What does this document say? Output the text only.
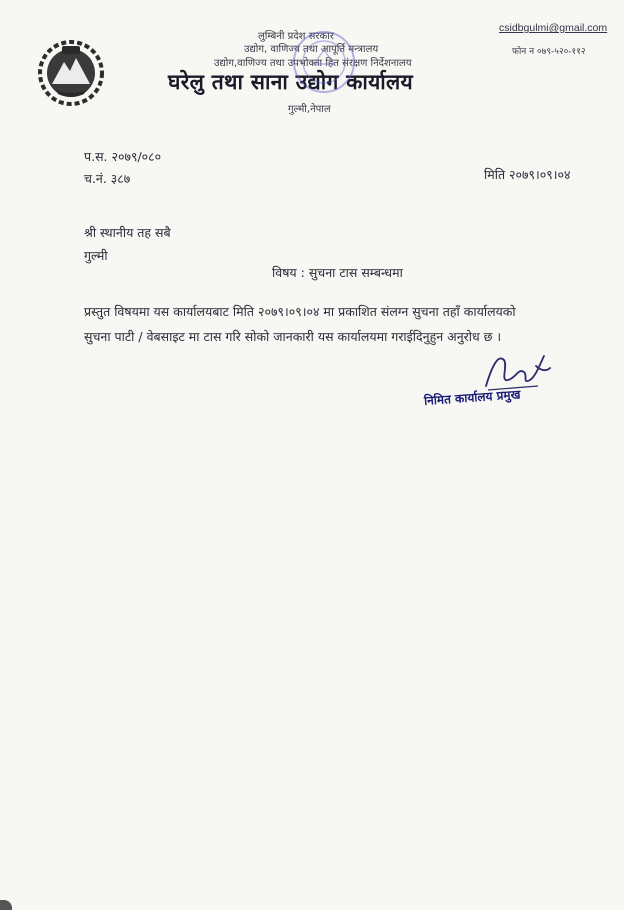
लुम्बिनी प्रदेश सरकार
उद्योग, वाणिज्य तथा आपूर्ति मन्त्रालय
उद्योग,वाणिज्य तथा उपभोक्ता हित संरक्षण निर्देशनालय
घरेलु तथा साना उद्योग कार्यालय
गुल्मी,नेपाल
csidbgulmi@gmail.com
फोन न ०७९-५२०-११२
प.स. २०७९/०८०
च.नं. ३८७	मिति २०७९।०९।०४
श्री स्थानीय तह सबै
गुल्मी
विषय : सुचना टास सम्बन्धमा
प्रस्तुत विषयमा यस कार्यालयबाट मिति २०७९।०९।०४ मा प्रकाशित संलग्न सुचना तहाँ कार्यालयको
सुचना पाटी / वेबसाइट मा टास गरि सोको जानकारी यस कार्यालयमा गराईदिनुहुन अनुरोध छ ।
निमित कार्यालय प्रमुख
